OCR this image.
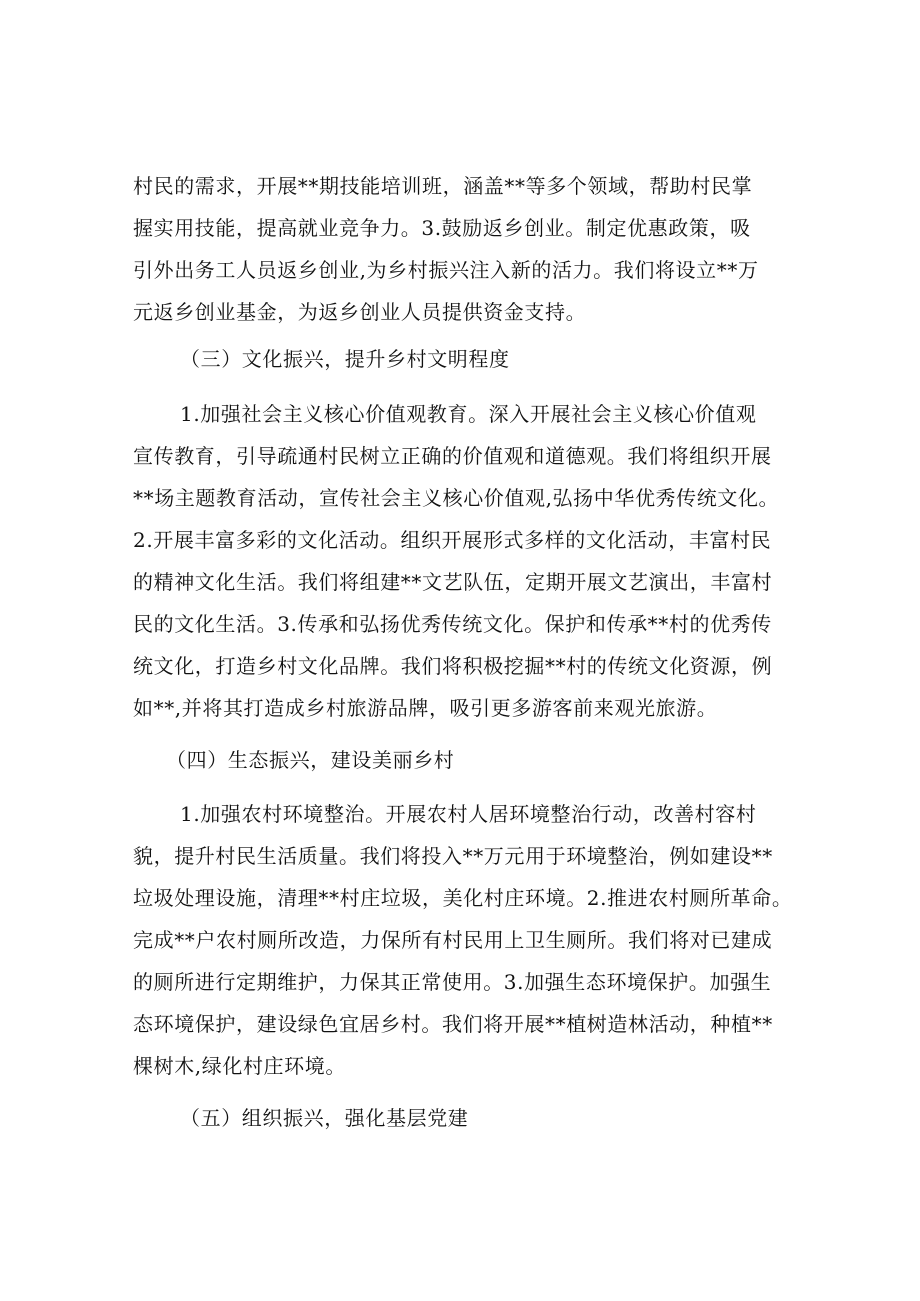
村民的需求，开展**期技能培训班，涵盖**等多个领域，帮助村民掌
握实用技能，提高就业竞争力。3.鼓励返乡创业。制定优惠政策，吸
引外出务工人员返乡创业,为乡村振兴注入新的活力。我们将设立**万
元返乡创业基金，为返乡创业人员提供资金支持。
（三）文化振兴，提升乡村文明程度
1.加强社会主义核心价值观教育。深入开展社会主义核心价值观
宣传教育，引导疏通村民树立正确的价值观和道德观。我们将组织开展
**场主题教育活动，宣传社会主义核心价值观,弘扬中华优秀传统文化。
2.开展丰富多彩的文化活动。组织开展形式多样的文化活动，丰富村民
的精神文化生活。我们将组建**文艺队伍，定期开展文艺演出，丰富村
民的文化生活。3.传承和弘扬优秀传统文化。保护和传承**村的优秀传
统文化，打造乡村文化品牌。我们将积极挖掘**村的传统文化资源，例
如**,并将其打造成乡村旅游品牌，吸引更多游客前来观光旅游。
（四）生态振兴，建设美丽乡村
1.加强农村环境整治。开展农村人居环境整治行动，改善村容村
貌，提升村民生活质量。我们将投入**万元用于环境整治，例如建设**
垃圾处理设施，清理**村庄垃圾，美化村庄环境。2.推进农村厕所革命。
完成**户农村厕所改造，力保所有村民用上卫生厕所。我们将对已建成
的厕所进行定期维护，力保其正常使用。3.加强生态环境保护。加强生
态环境保护，建设绿色宜居乡村。我们将开展**植树造林活动，种植**
棵树木,绿化村庄环境。
（五）组织振兴，强化基层党建
